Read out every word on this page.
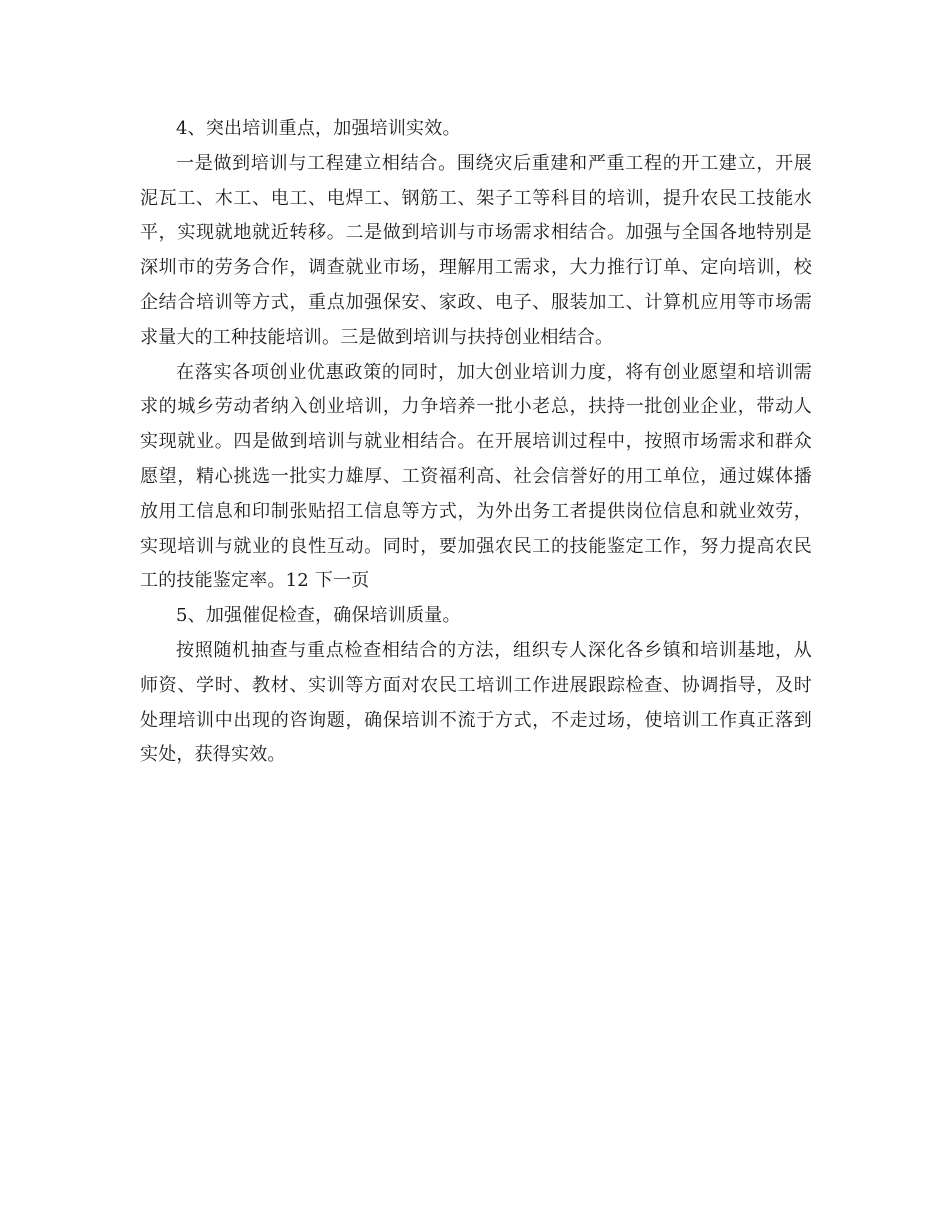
4、突出培训重点，加强培训实效。

一是做到培训与工程建立相结合。围绕灾后重建和严重工程的开工建立，开展泥瓦工、木工、电工、电焊工、钢筋工、架子工等科目的培训，提升农民工技能水平，实现就地就近转移。二是做到培训与市场需求相结合。加强与全国各地特别是深圳市的劳务合作，调查就业市场，理解用工需求，大力推行订单、定向培训，校企结合培训等方式，重点加强保安、家政、电子、服装加工、计算机应用等市场需求量大的工种技能培训。三是做到培训与扶持创业相结合。

在落实各项创业优惠政策的同时，加大创业培训力度，将有创业愿望和培训需求的城乡劳动者纳入创业培训，力争培养一批小老总，扶持一批创业企业，带动人实现就业。四是做到培训与就业相结合。在开展培训过程中，按照市场需求和群众愿望，精心挑选一批实力雄厚、工资福利高、社会信誉好的用工单位，通过媒体播放用工信息和印制张贴招工信息等方式，为外出务工者提供岗位信息和就业效劳，实现培训与就业的良性互动。同时，要加强农民工的技能鉴定工作，努力提高农民工的技能鉴定率。12 下一页

5、加强催促检查，确保培训质量。

按照随机抽查与重点检查相结合的方法，组织专人深化各乡镇和培训基地，从师资、学时、教材、实训等方面对农民工培训工作进展跟踪检查、协调指导，及时处理培训中出现的咨询题，确保培训不流于方式，不走过场，使培训工作真正落到实处，获得实效。
